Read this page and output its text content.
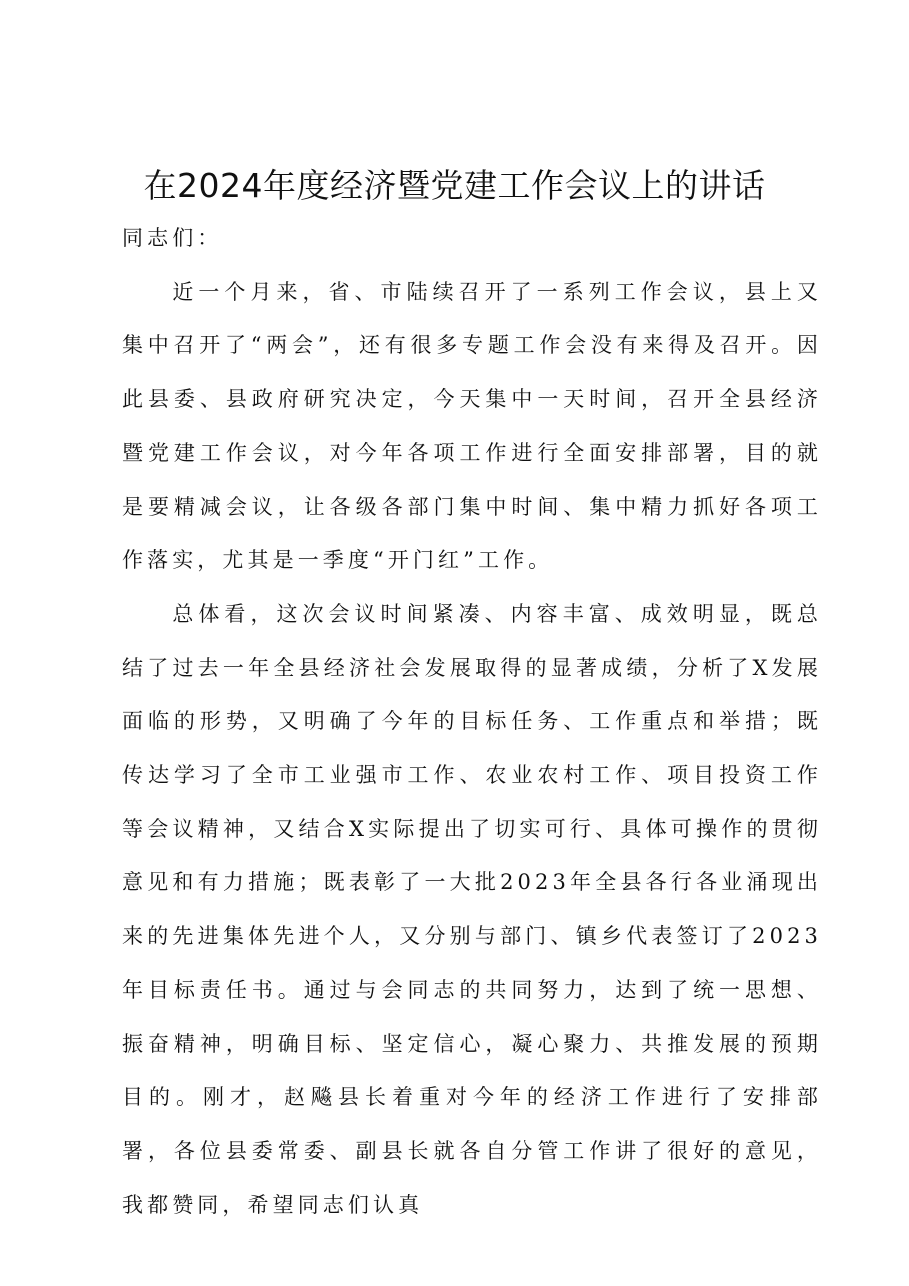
在2024年度经济暨党建工作会议上的讲话

同志们：

近一个月来，省、市陆续召开了一系列工作会议，县上又集中召开了“两会”，还有很多专题工作会没有来得及召开。因此县委、县政府研究决定，今天集中一天时间，召开全县经济暨党建工作会议，对今年各项工作进行全面安排部署，目的就是要精减会议，让各级各部门集中时间、集中精力抓好各项工作落实，尤其是一季度“开门红”工作。

总体看，这次会议时间紧凑、内容丰富、成效明显，既总结了过去一年全县经济社会发展取得的显著成绩，分析了X发展面临的形势，又明确了今年的目标任务、工作重点和举措；既传达学习了全市工业强市工作、农业农村工作、项目投资工作等会议精神，又结合X实际提出了切实可行、具体可操作的贯彻意见和有力措施；既表彰了一大批2023年全县各行各业涌现出来的先进集体先进个人，又分别与部门、镇乡代表签订了2023年目标责任书。通过与会同志的共同努力，达到了统一思想、振奋精神，明确目标、坚定信心，凝心聚力、共推发展的预期目的。刚才，赵飚县长着重对今年的经济工作进行了安排部署，各位县委常委、副县长就各自分管工作讲了很好的意见，我都赞同，希望同志们认真
